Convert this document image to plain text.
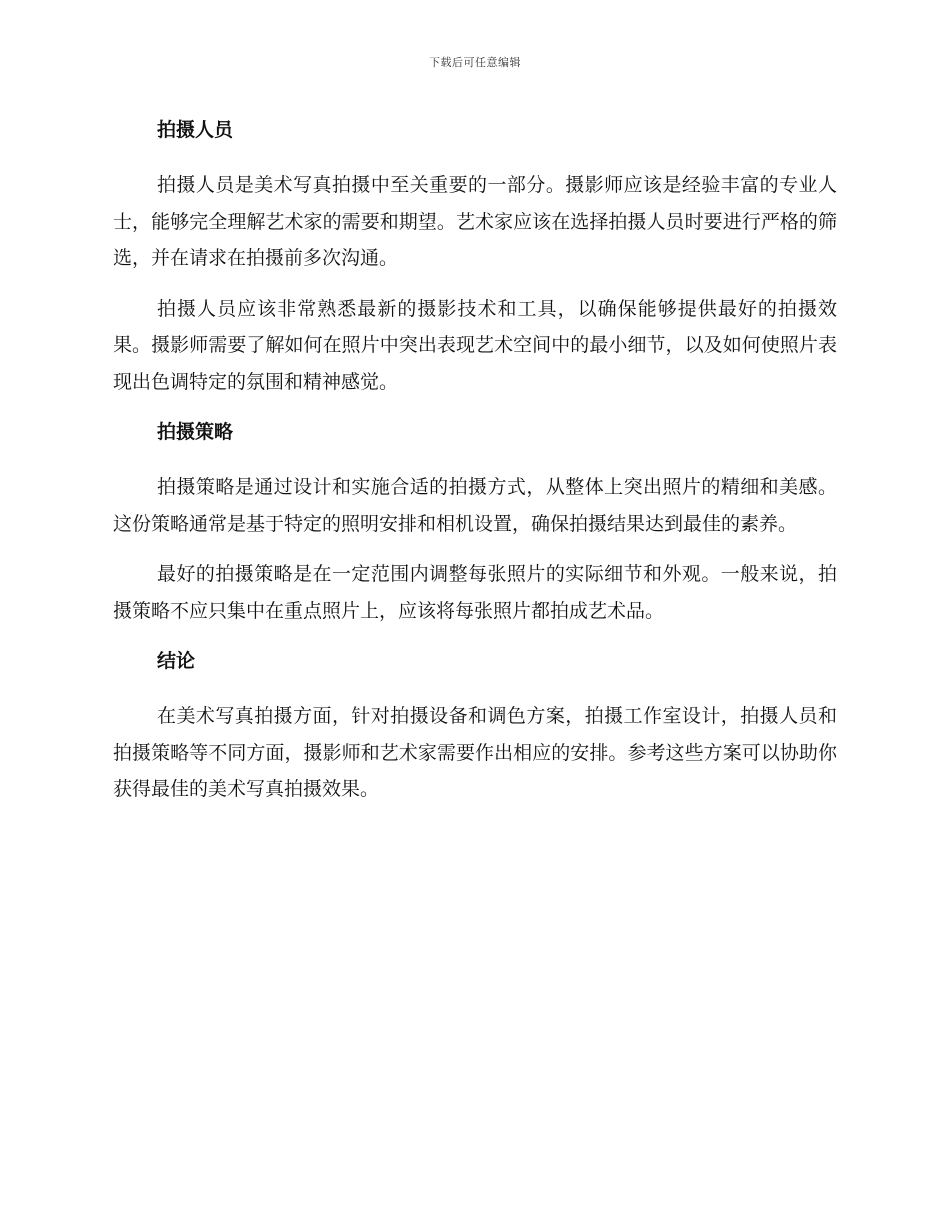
下载后可任意编辑
拍摄人员

拍摄人员是美术写真拍摄中至关重要的一部分。摄影师应该是经验丰富的专业人士，能够完全理解艺术家的需要和期望。艺术家应该在选择拍摄人员时要进行严格的筛选，并在请求在拍摄前多次沟通。

拍摄人员应该非常熟悉最新的摄影技术和工具，以确保能够提供最好的拍摄效果。摄影师需要了解如何在照片中突出表现艺术空间中的最小细节，以及如何使照片表现出色调特定的氛围和精神感觉。

拍摄策略

拍摄策略是通过设计和实施合适的拍摄方式，从整体上突出照片的精细和美感。这份策略通常是基于特定的照明安排和相机设置，确保拍摄结果达到最佳的素养。

最好的拍摄策略是在一定范围内调整每张照片的实际细节和外观。一般来说，拍摄策略不应只集中在重点照片上，应该将每张照片都拍成艺术品。

结论

在美术写真拍摄方面，针对拍摄设备和调色方案，拍摄工作室设计，拍摄人员和拍摄策略等不同方面，摄影师和艺术家需要作出相应的安排。参考这些方案可以协助你获得最佳的美术写真拍摄效果。
